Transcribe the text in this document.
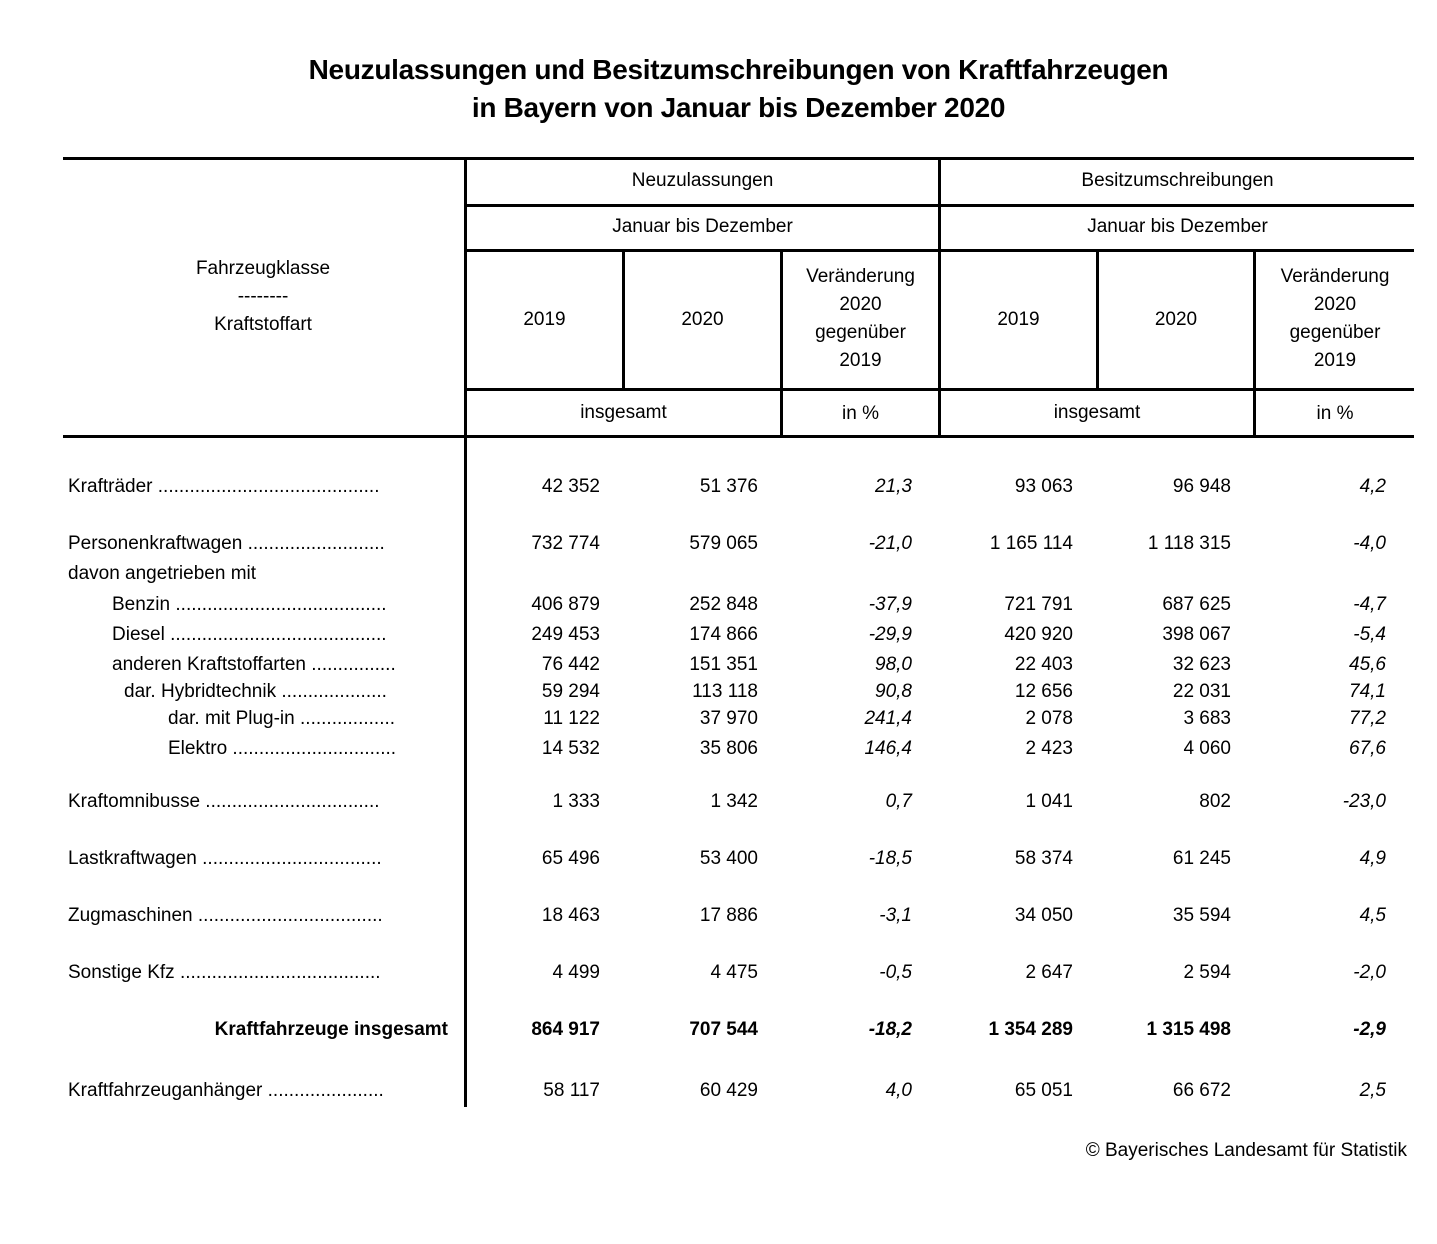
Neuzulassungen und Besitzumschreibungen von Kraftfahrzeugen
in Bayern von Januar bis Dezember 2020
Fahrzeugklasse
--------
Kraftstoffart
Neuzulassungen
Januar bis Dezember
2019	2020
Veränderung
2020
gegenüber
2019
insgesamt	in %
Besitzumschreibungen
Januar bis Dezember
2019	2020
Veränderung
2020
gegenüber
2019
insgesamt	in %
Krafträder ..........................................	42 352	51 376	21,3	93 063	96 948	4,2
Personenkraftwagen ..........................	732 774	579 065	-21,0	1 165 114	1 118 315	-4,0
davon angetrieben mit
Benzin ........................................	406 879	252 848	-37,9	721 791	687 625	-4,7
Diesel .........................................	249 453	174 866	-29,9	420 920	398 067	-5,4
anderen Kraftstoffarten ................	76 442	151 351	98,0	22 403	32 623	45,6
dar. Hybridtechnik ....................	59 294	113 118	90,8	12 656	22 031	74,1
dar. mit Plug-in ..................	11 122	37 970	241,4	2 078	3 683	77,2
Elektro ...............................	14 532	35 806	146,4	2 423	4 060	67,6
Kraftomnibusse .................................	1 333	1 342	0,7	1 041	802	-23,0
Lastkraftwagen ..................................	65 496	53 400	-18,5	58 374	61 245	4,9
Zugmaschinen ...................................	18 463	17 886	-3,1	34 050	35 594	4,5
Sonstige Kfz ......................................	4 499	4 475	-0,5	2 647	2 594	-2,0
Kraftfahrzeuge insgesamt	864 917	707 544	-18,2	1 354 289	1 315 498	-2,9
Kraftfahrzeuganhänger ......................	58 117	60 429	4,0	65 051	66 672	2,5
© Bayerisches Landesamt für Statistik
